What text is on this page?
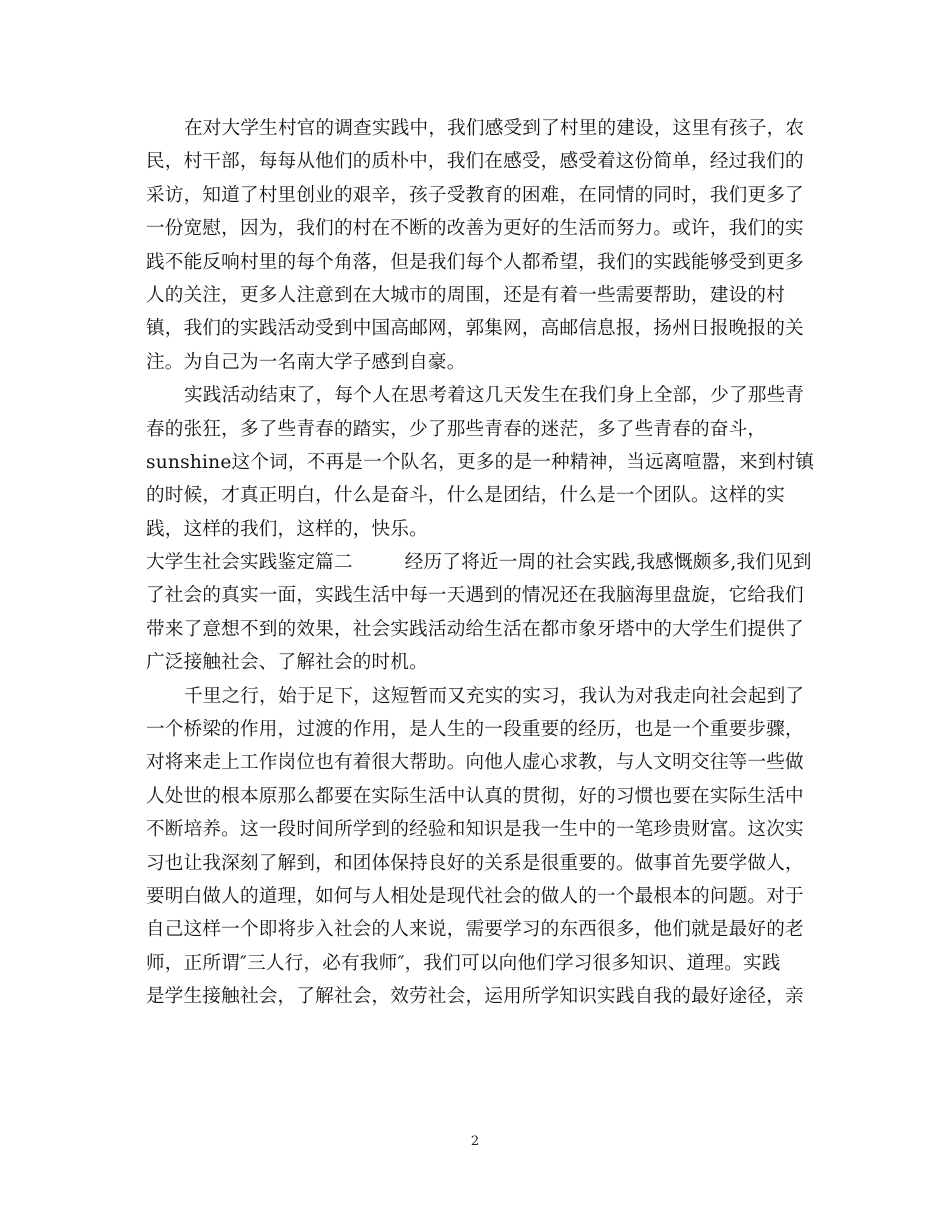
在对大学生村官的调查实践中，我们感受到了村里的建设，这里有孩子，农
民，村干部，每每从他们的质朴中，我们在感受，感受着这份简单，经过我们的
采访，知道了村里创业的艰辛，孩子受教育的困难，在同情的同时，我们更多了
一份宽慰，因为，我们的村在不断的改善为更好的生活而努力。或许，我们的实
践不能反响村里的每个角落，但是我们每个人都希望，我们的实践能够受到更多
人的关注，更多人注意到在大城市的周围，还是有着一些需要帮助，建设的村
镇，我们的实践活动受到中国高邮网，郭集网，高邮信息报，扬州日报晚报的关
注。为自己为一名南大学子感到自豪。
实践活动结束了，每个人在思考着这几天发生在我们身上全部，少了那些青
春的张狂，多了些青春的踏实，少了那些青春的迷茫，多了些青春的奋斗，
sunshine这个词，不再是一个队名，更多的是一种精神，当远离喧嚣，来到村镇
的时候，才真正明白，什么是奋斗，什么是团结，什么是一个团队。这样的实
践，这样的我们，这样的，快乐。
大学生社会实践鉴定篇二	经历了将近一周的社会实践,我感慨颇多,我们见到
了社会的真实一面，实践生活中每一天遇到的情况还在我脑海里盘旋，它给我们
带来了意想不到的效果，社会实践活动给生活在都市象牙塔中的大学生们提供了
广泛接触社会、了解社会的时机。
千里之行，始于足下，这短暂而又充实的实习，我认为对我走向社会起到了
一个桥梁的作用，过渡的作用，是人生的一段重要的经历，也是一个重要步骤，
对将来走上工作岗位也有着很大帮助。向他人虚心求教，与人文明交往等一些做
人处世的根本原那么都要在实际生活中认真的贯彻，好的习惯也要在实际生活中
不断培养。这一段时间所学到的经验和知识是我一生中的一笔珍贵财富。这次实
习也让我深刻了解到，和团体保持良好的关系是很重要的。做事首先要学做人，
要明白做人的道理，如何与人相处是现代社会的做人的一个最根本的问题。对于
自己这样一个即将步入社会的人来说，需要学习的东西很多，他们就是最好的老
师，正所谓″三人行，必有我师″，我们可以向他们学习很多知识、道理。实践
是学生接触社会，了解社会，效劳社会，运用所学知识实践自我的最好途径，亲
2
